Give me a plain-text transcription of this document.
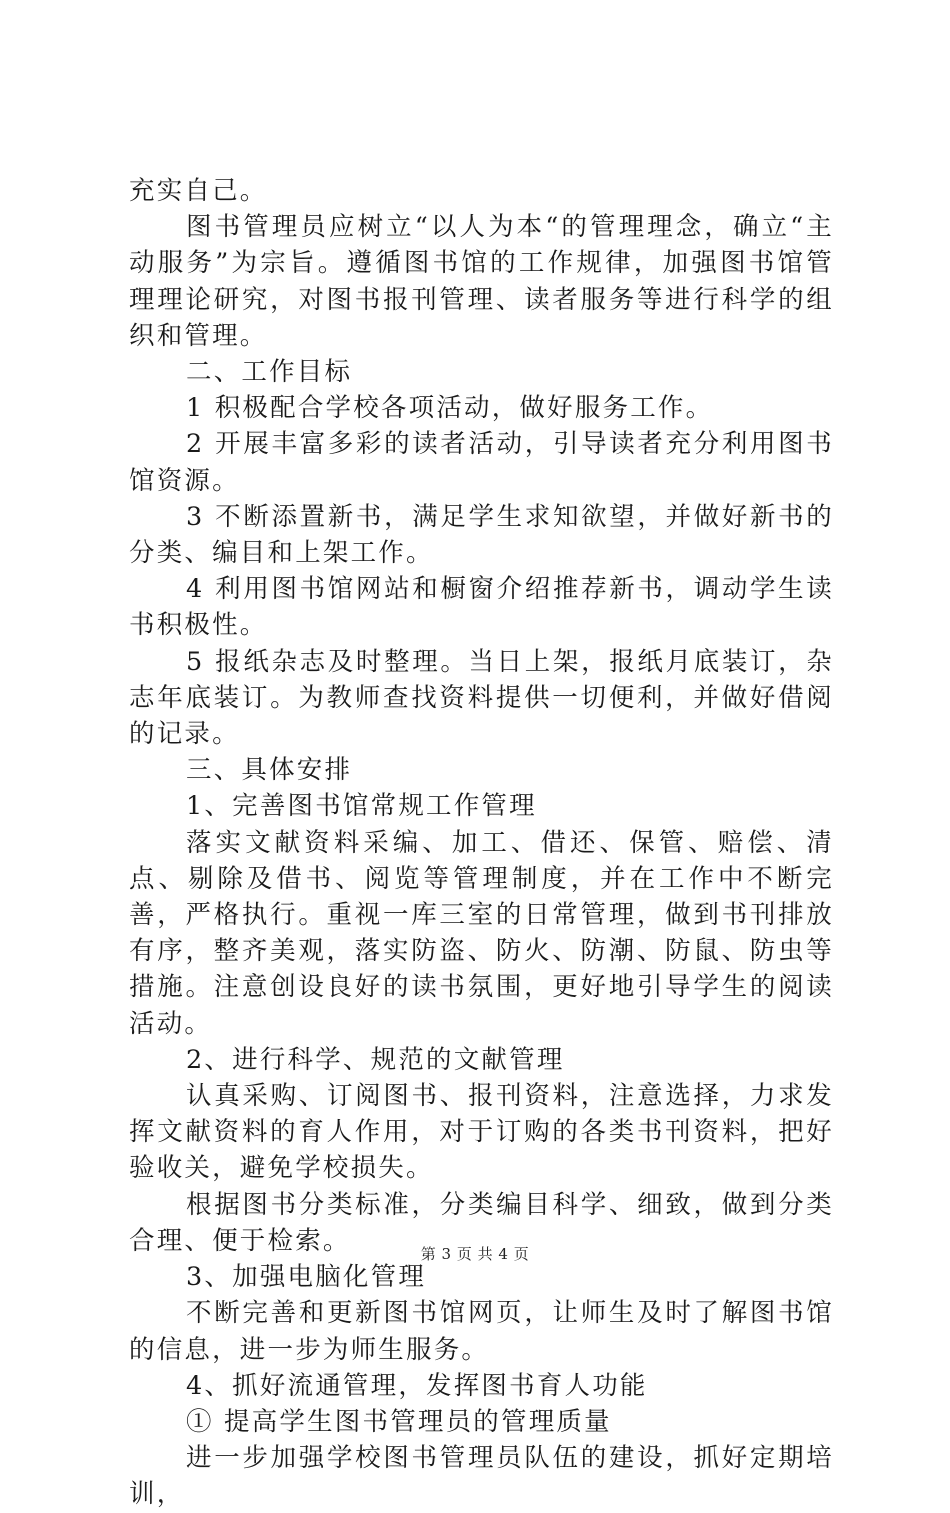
充实自己。

图书管理员应树立“以人为本“的管理理念，确立“主动服务”为宗旨。遵循图书馆的工作规律，加强图书馆管理理论研究，对图书报刊管理、读者服务等进行科学的组织和管理。

二、工作目标

1 积极配合学校各项活动，做好服务工作。

2 开展丰富多彩的读者活动，引导读者充分利用图书馆资源。

3 不断添置新书，满足学生求知欲望，并做好新书的分类、编目和上架工作。

4 利用图书馆网站和橱窗介绍推荐新书，调动学生读书积极性。

5 报纸杂志及时整理。当日上架，报纸月底装订，杂志年底装订。为教师查找资料提供一切便利，并做好借阅的记录。

三、具体安排

1、完善图书馆常规工作管理

落实文献资料采编、加工、借还、保管、赔偿、清点、剔除及借书、阅览等管理制度，并在工作中不断完善，严格执行。重视一库三室的日常管理，做到书刊排放有序，整齐美观，落实防盗、防火、防潮、防鼠、防虫等措施。注意创设良好的读书氛围，更好地引导学生的阅读活动。

2、进行科学、规范的文献管理

认真采购、订阅图书、报刊资料，注意选择，力求发挥文献资料的育人作用，对于订购的各类书刊资料，把好验收关，避免学校损失。

根据图书分类标准，分类编目科学、细致，做到分类合理、便于检索。

3、加强电脑化管理

不断完善和更新图书馆网页，让师生及时了解图书馆的信息，进一步为师生服务。

4、抓好流通管理，发挥图书育人功能

① 提高学生图书管理员的管理质量

进一步加强学校图书管理员队伍的建设，抓好定期培训，

第 3 页 共 4 页
